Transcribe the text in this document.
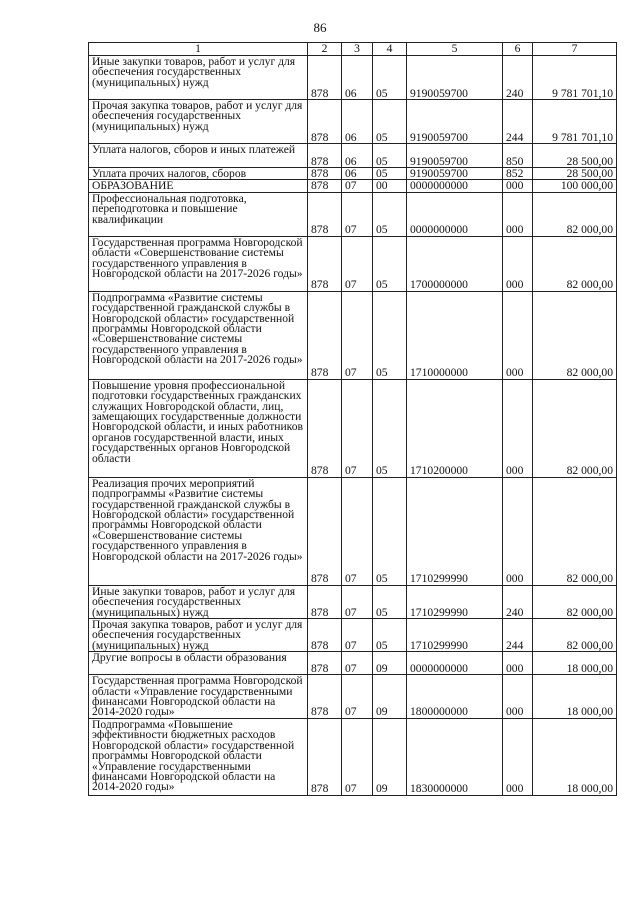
86
1	2	3	4	5	6	7
Иные закупки товаров, работ и услуг для обеспечения государственных (муниципальных) нужд	878	06	05	9190059700	240	9 781 701,10
Прочая закупка товаров, работ и услуг для обеспечения государственных (муниципальных) нужд	878	06	05	9190059700	244	9 781 701,10
Уплата налогов, сборов и иных платежей	878	06	05	9190059700	850	28 500,00
Уплата прочих налогов, сборов	878	06	05	9190059700	852	28 500,00
ОБРАЗОВАНИЕ	878	07	00	0000000000	000	100 000,00
Профессиональная подготовка, переподготовка и повышение квалификации	878	07	05	0000000000	000	82 000,00
Государственная программа Новгородской области «Совершенствование системы государственного управления в Новгородской области на 2017-2026 годы»	878	07	05	1700000000	000	82 000,00
Подпрограмма «Развитие системы государственной гражданской службы в Новгородской области» государственной программы Новгородской области «Совершенствование системы государственного управления в Новгородской области на 2017-2026 годы»	878	07	05	1710000000	000	82 000,00
Повышение уровня профессиональной подготовки государственных гражданских служащих Новгородской области, лиц, замещающих государственные должности Новгородской области, и иных работников органов государственной власти, иных государственных органов Новгородской области	878	07	05	1710200000	000	82 000,00
Реализация прочих мероприятий подпрограммы «Развитие системы государственной гражданской службы в Новгородской области» государственной программы Новгородской области «Совершенствование системы государственного управления в Новгородской области на 2017-2026 годы»	878	07	05	1710299990	000	82 000,00
Иные закупки товаров, работ и услуг для обеспечения государственных (муниципальных) нужд	878	07	05	1710299990	240	82 000,00
Прочая закупка товаров, работ и услуг для обеспечения государственных (муниципальных) нужд	878	07	05	1710299990	244	82 000,00
Другие вопросы в области образования	878	07	09	0000000000	000	18 000,00
Государственная программа Новгородской области «Управление государственными финансами Новгородской области на 2014-2020 годы»	878	07	09	1800000000	000	18 000,00
Подпрограмма «Повышение эффективности бюджетных расходов Новгородской области» государственной программы Новгородской области «Управление государственными финансами Новгородской области на 2014-2020 годы»	878	07	09	1830000000	000	18 000,00
